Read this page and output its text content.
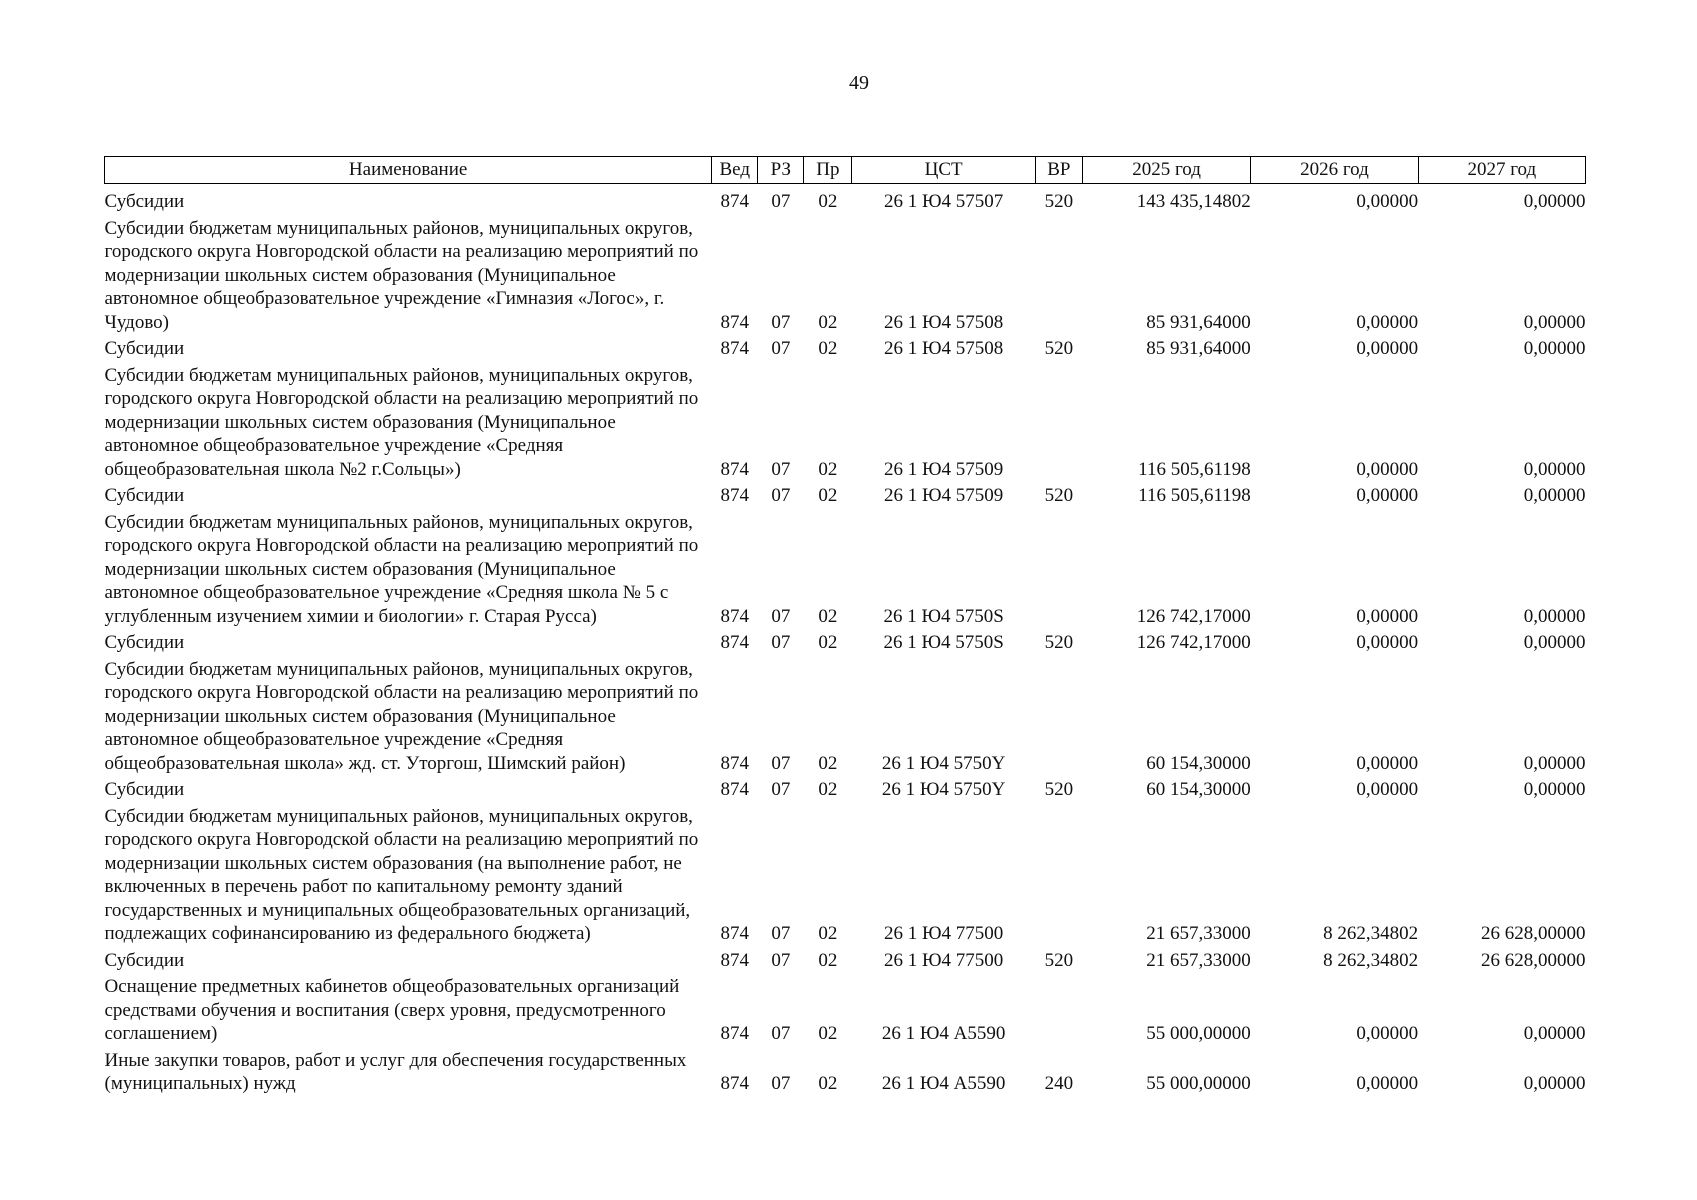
49
Наименование	Вед	РЗ	Пр	ЦСТ	ВР	2025 год	2026 год	2027 год
Субсидии	874	07	02	26 1 Ю4 57507	520	143 435,14802	0,00000	0,00000
Субсидии бюджетам муниципальных районов, муниципальных округов, городского округа Новгородской области на реализацию мероприятий по модернизации школьных систем образования (Муниципальное автономное общеобразовательное учреждение «Гимназия «Логос», г. Чудово)	874	07	02	26 1 Ю4 57508		85 931,64000	0,00000	0,00000
Субсидии	874	07	02	26 1 Ю4 57508	520	85 931,64000	0,00000	0,00000
Субсидии бюджетам муниципальных районов, муниципальных округов, городского округа Новгородской области на реализацию мероприятий по модернизации школьных систем образования (Муниципальное автономное общеобразовательное учреждение «Средняя общеобразовательная школа №2 г.Сольцы»)	874	07	02	26 1 Ю4 57509		116 505,61198	0,00000	0,00000
Субсидии	874	07	02	26 1 Ю4 57509	520	116 505,61198	0,00000	0,00000
Субсидии бюджетам муниципальных районов, муниципальных округов, городского округа Новгородской области на реализацию мероприятий по модернизации школьных систем образования (Муниципальное автономное общеобразовательное учреждение «Средняя школа № 5 с углубленным изучением химии и биологии» г. Старая Русса)	874	07	02	26 1 Ю4 5750S		126 742,17000	0,00000	0,00000
Субсидии	874	07	02	26 1 Ю4 5750S	520	126 742,17000	0,00000	0,00000
Субсидии бюджетам муниципальных районов, муниципальных округов, городского округа Новгородской области на реализацию мероприятий по модернизации школьных систем образования (Муниципальное автономное общеобразовательное учреждение «Средняя общеобразовательная школа» жд. ст. Уторгош, Шимский район)	874	07	02	26 1 Ю4 5750Y		60 154,30000	0,00000	0,00000
Субсидии	874	07	02	26 1 Ю4 5750Y	520	60 154,30000	0,00000	0,00000
Субсидии бюджетам муниципальных районов, муниципальных округов, городского округа Новгородской области на реализацию мероприятий по модернизации школьных систем образования (на выполнение работ, не включенных в перечень работ по капитальному ремонту зданий государственных и муниципальных общеобразовательных организаций, подлежащих софинансированию из федерального бюджета)	874	07	02	26 1 Ю4 77500		21 657,33000	8 262,34802	26 628,00000
Субсидии	874	07	02	26 1 Ю4 77500	520	21 657,33000	8 262,34802	26 628,00000
Оснащение предметных кабинетов общеобразовательных организаций средствами обучения и воспитания (сверх уровня, предусмотренного соглашением)	874	07	02	26 1 Ю4 А5590		55 000,00000	0,00000	0,00000
Иные закупки товаров, работ и услуг для обеспечения государственных (муниципальных) нужд	874	07	02	26 1 Ю4 А5590	240	55 000,00000	0,00000	0,00000
